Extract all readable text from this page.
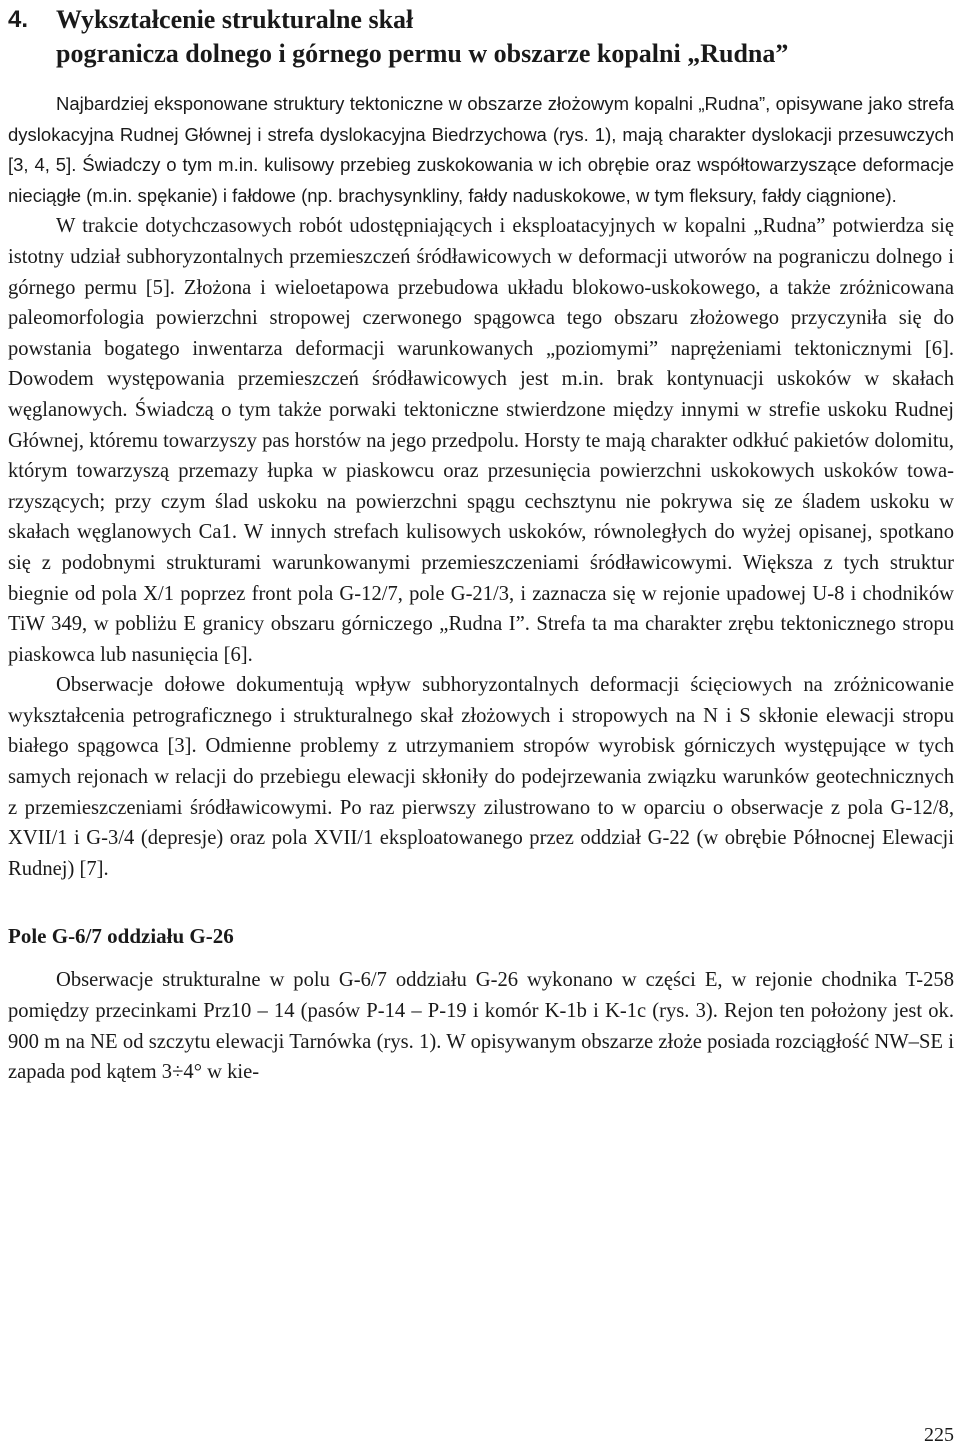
4.	Wykształcenie strukturalne skał
pogranicza dolnego i górnego permu w obszarze kopalni „Rudna”

Najbardziej eksponowane struktury tektoniczne w obszarze złożowym kopalni „Rudna”, opisywane jako strefa dyslokacyjna Rudnej Głównej i strefa dyslokacyjna Biedrzychowa (rys. 1), mają charakter dyslokacji przesuwczych [3, 4, 5]. Świadczy o tym m.in. kulisowy przebieg zuskokowania w ich obrębie oraz współtowarzyszące deformacje nieciągłe (m.in. spękanie) i fałdowe (np. brachysynkliny, fałdy naduskokowe, w tym fleksury, fałdy ciągnione).

W trakcie dotychczasowych robót udostępniających i eksploatacyjnych w kopalni „Rudna” potwierdza się istotny udział subhoryzontalnych przemieszczeń śródławicowych w deformacji utworów na pograniczu dolnego i górnego permu [5]. Złożona i wieloetapowa przebudowa układu blokowo-uskokowego, a także zróżnicowana paleomorfologia powierzchni stropowej czerwonego spągowca tego obszaru złożowego przyczyniła się do powstania bogatego inwentarza deformacji warunkowanych „poziomymi” naprężeniami tektonicznymi [6]. Dowodem występowania przemieszczeń śródławicowych jest m.in. brak kontynuacji uskoków w skałach węglanowych. Świadczą o tym także porwaki tektoniczne stwierdzone między innymi w strefie uskoku Rudnej Głównej, któremu towarzyszy pas horstów na jego przedpolu. Horsty te mają charakter odkłuć pakietów dolomitu, którym towarzyszą przemazy łupka w piaskowcu oraz przesunięcia powierzchni uskokowych uskoków towarzyszących; przy czym ślad uskoku na powierzchni spągu cechsztynu nie pokrywa się ze śladem uskoku w skałach węglanowych Ca1. W innych strefach kulisowych uskoków, równoległych do wyżej opisanej, spotkano się z podobnymi strukturami warunkowanymi przemieszczeniami śródławicowymi. Większa z tych struktur biegnie od pola X/1 poprzez front pola G-12/7, pole G-21/3, i zaznacza się w rejonie upadowej U-8 i chodników TiW 349, w pobliżu E granicy obszaru górniczego „Rudna I”. Strefa ta ma charakter zrębu tektonicznego stropu piaskowca lub nasunięcia [6].

Obserwacje dołowe dokumentują wpływ subhoryzontalnych deformacji ścięciowych na zróżnicowanie wykształcenia petrograficznego i strukturalnego skał złożowych i stropowych na N i S skłonie elewacji stropu białego spągowca [3]. Odmienne problemy z utrzymaniem stropów wyrobisk górniczych występujące w tych samych rejonach w relacji do przebiegu elewacji skłoniły do podejrzewania związku warunków geotechnicznych z przemieszczeniami śródławicowymi. Po raz pierwszy zilustrowano to w oparciu o obserwacje z pola G-12/8, XVII/1 i G-3/4 (depresje) oraz pola XVII/1 eksploatowanego przez oddział G-22 (w obrębie Północnej Elewacji Rudnej) [7].

Pole G-6/7 oddziału G-26

Obserwacje strukturalne w polu G-6/7 oddziału G-26 wykonano w części E, w rejonie chodnika T-258 pomiędzy przecinkami Prz10 – 14 (pasów P-14 – P-19 i komór K-1b i K-1c (rys. 3). Rejon ten położony jest ok. 900 m na NE od szczytu elewacji Tarnówka (rys. 1). W opisywanym obszarze złoże posiada rozciągłość NW–SE i zapada pod kątem 3÷4° w kie-

225
